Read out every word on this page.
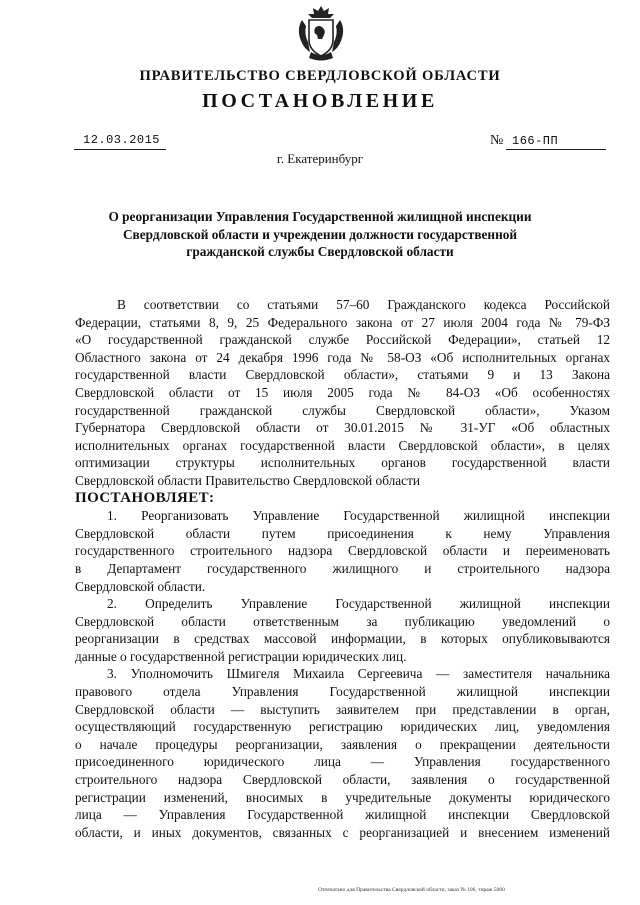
ПРАВИТЕЛЬСТВО СВЕРДЛОВСКОЙ ОБЛАСТИ
ПОСТАНОВЛЕНИЕ
12.03.2015	№ 166-ПП
г. Екатеринбург
О реорганизации Управления Государственной жилищной инспекции
Свердловской области и учреждении должности государственной
гражданской службы Свердловской области
В соответствии со статьями 57–60 Гражданского кодекса Российской
Федерации, статьями 8, 9, 25 Федерального закона от 27 июля 2004 года № 79-ФЗ
«О государственной гражданской службе Российской Федерации», статьей 12
Областного закона от 24 декабря 1996 года № 58-ОЗ «Об исполнительных органах
государственной власти Свердловской области», статьями 9 и 13 Закона
Свердловской области от 15 июля 2005 года № 84-ОЗ «Об особенностях
государственной гражданской службы Свердловской области», Указом
Губернатора Свердловской области от 30.01.2015 № 31-УГ «Об областных
исполнительных органах государственной власти Свердловской области», в целях
оптимизации структуры исполнительных органов государственной власти
Свердловской области Правительство Свердловской области
ПОСТАНОВЛЯЕТ:
1. Реорганизовать Управление Государственной жилищной инспекции
Свердловской области путем присоединения к нему Управления
государственного строительного надзора Свердловской области и переименовать
в Департамент государственного жилищного и строительного надзора
Свердловской области.
2. Определить Управление Государственной жилищной инспекции
Свердловской области ответственным за публикацию уведомлений о
реорганизации в средствах массовой информации, в которых опубликовываются
данные о государственной регистрации юридических лиц.
3. Уполномочить Шмигеля Михаила Сергеевича — заместителя начальника
правового отдела Управления Государственной жилищной инспекции
Свердловской области — выступить заявителем при представлении в орган,
осуществляющий государственную регистрацию юридических лиц, уведомления
о начале процедуры реорганизации, заявления о прекращении деятельности
присоединенного юридического лица — Управления государственного
строительного надзора Свердловской области, заявления о государственной
регистрации изменений, вносимых в учредительные документы юридического
лица — Управления Государственной жилищной инспекции Свердловской
области, и иных документов, связанных с реорганизацией и внесением изменений
Отпечатано для Правительства Свердловской области, заказ № 106, тираж 5000
